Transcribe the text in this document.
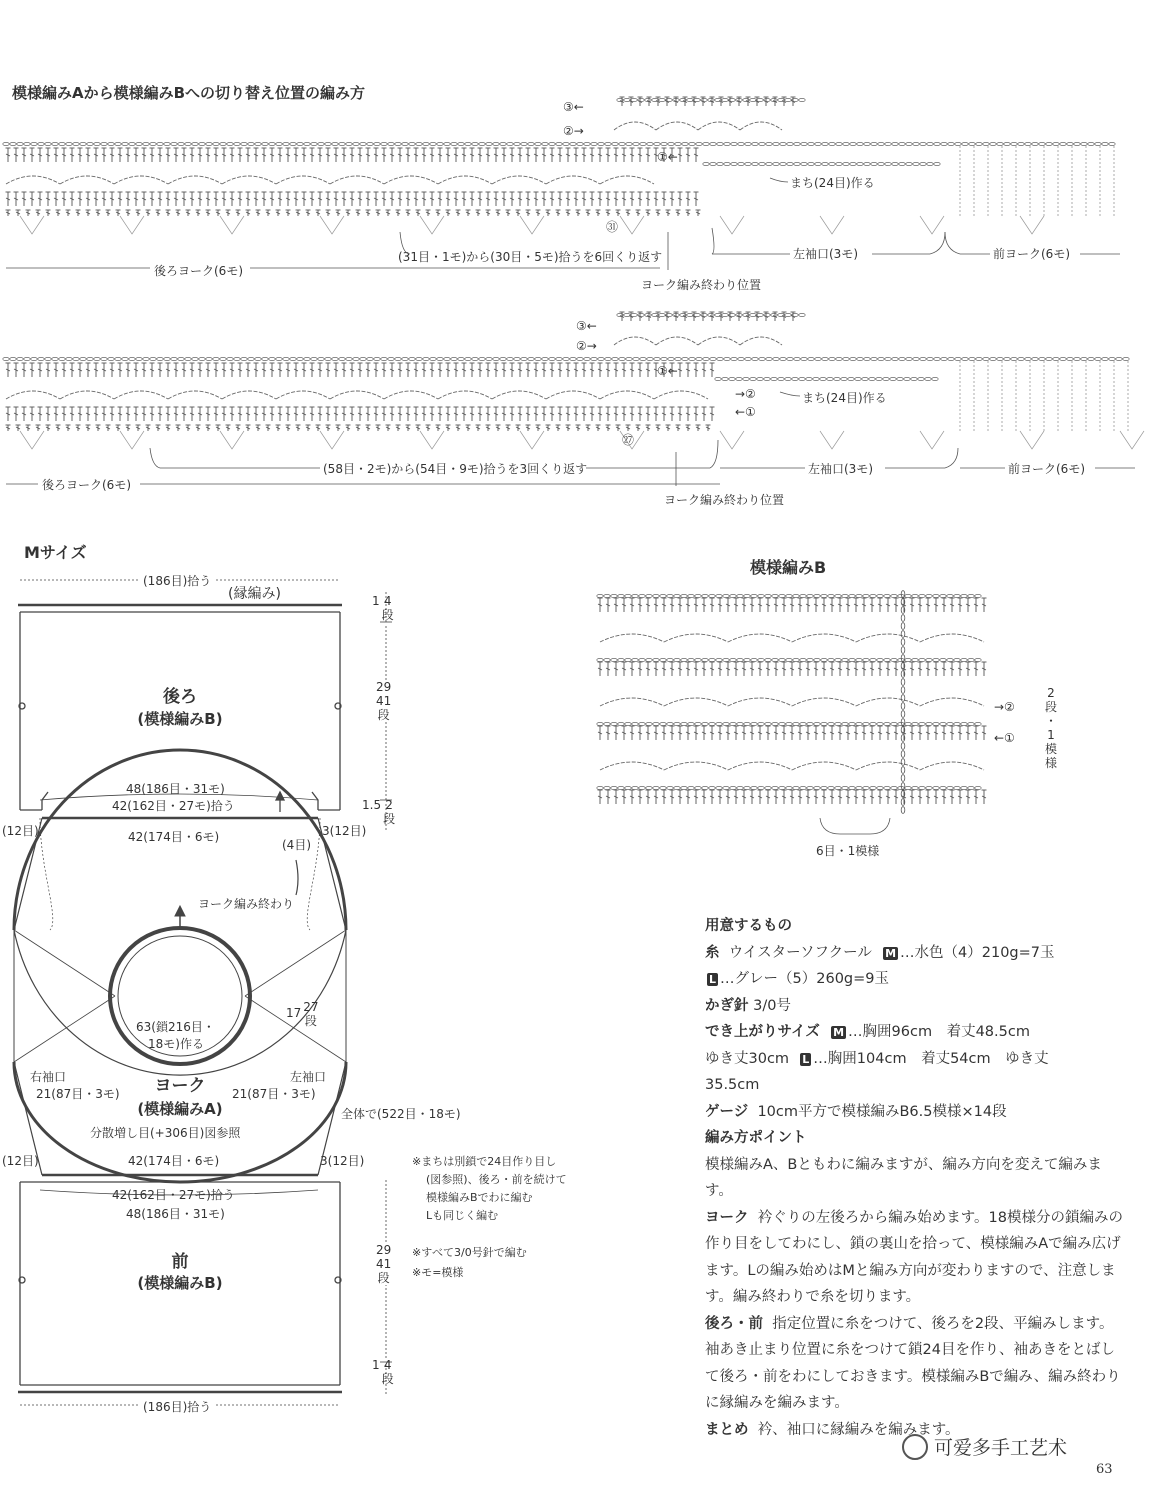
模様編みAから模様編みBへの切り替え位置の編み方
③←
②→
①←
㉛
まち(24目)作る
(31目・1モ)から(30目・5モ)拾うを6回くり返す
後ろヨーク(6モ)
左袖口(3モ)	前ヨーク(6モ)
ヨーク編み終わり位置
③←
②→
①←
→②
←①
㉗
まち(24目)作る
(58目・2モ)から(54目・9モ)拾うを3回くり返す
後ろヨーク(6モ)
左袖口(3モ)	前ヨーク(6モ)
ヨーク編み終わり位置
模様編みB
→②
←①
2
段
・
1
模
様
6目・1模様
Mサイズ
(186目)拾う
(縁編み)	1 4
段
後ろ
(模様編みB)
29
41
段
48(186目・31モ)
42(162目・27モ)拾う	1.5 2
段
(12目)	3(12目)
42(174目・6モ)
(4目)
ヨーク編み終わり
17 27
段
63(鎖216目・
18モ)作る
右袖口
21(87目・3モ)
左袖口
21(87目・3モ)
ヨーク
(模様編みA)	全体で(522目・18モ)
分散増し目(+306目)図参照
42(174目・6モ)
(12目)	3(12目)
42(162目・27モ)拾う
48(186目・31モ)
前
(模様編みB)
29
41
段
1 4
段
(186目)拾う
※まちは別鎖で24目作り目し
(図参照)、後ろ・前を続けて
模様編みBでわに編む
Lも同じく編む
※すべて3/0号針で編む
※モ=模様

用意するもの

糸 ウイスターソフクール M …水色（4）210g=7玉

L …グレー（5）260g=9玉

かぎ針 3/0号

でき上がりサイズ M …胸囲96cm　着丈48.5cm

ゆき丈30cm L …胸囲104cm　着丈54cm　ゆき丈

35.5cm

ゲージ 10cm平方で模様編みB6.5模様×14段

編み方ポイント

模様編みA、Bともわに編みますが、編み方向を変えて編みます。

ヨーク 衿ぐりの左後ろから編み始めます。18模様分の鎖編みの作り目をしてわにし、鎖の裏山を拾って、模様編みAで編み広げます。Lの編み始めはMと編み方向が変わりますので、注意します。編み終わりで糸を切ります。

後ろ・前 指定位置に糸をつけて、後ろを2段、平編みします。袖あき止まり位置に糸をつけて鎖24目を作り、袖あきをとばして後ろ・前をわにしておきます。模様編みBで編み、編み終わりに縁編みを編みます。

まとめ 衿、袖口に縁編みを編みます。

可爱多手工艺术
63
